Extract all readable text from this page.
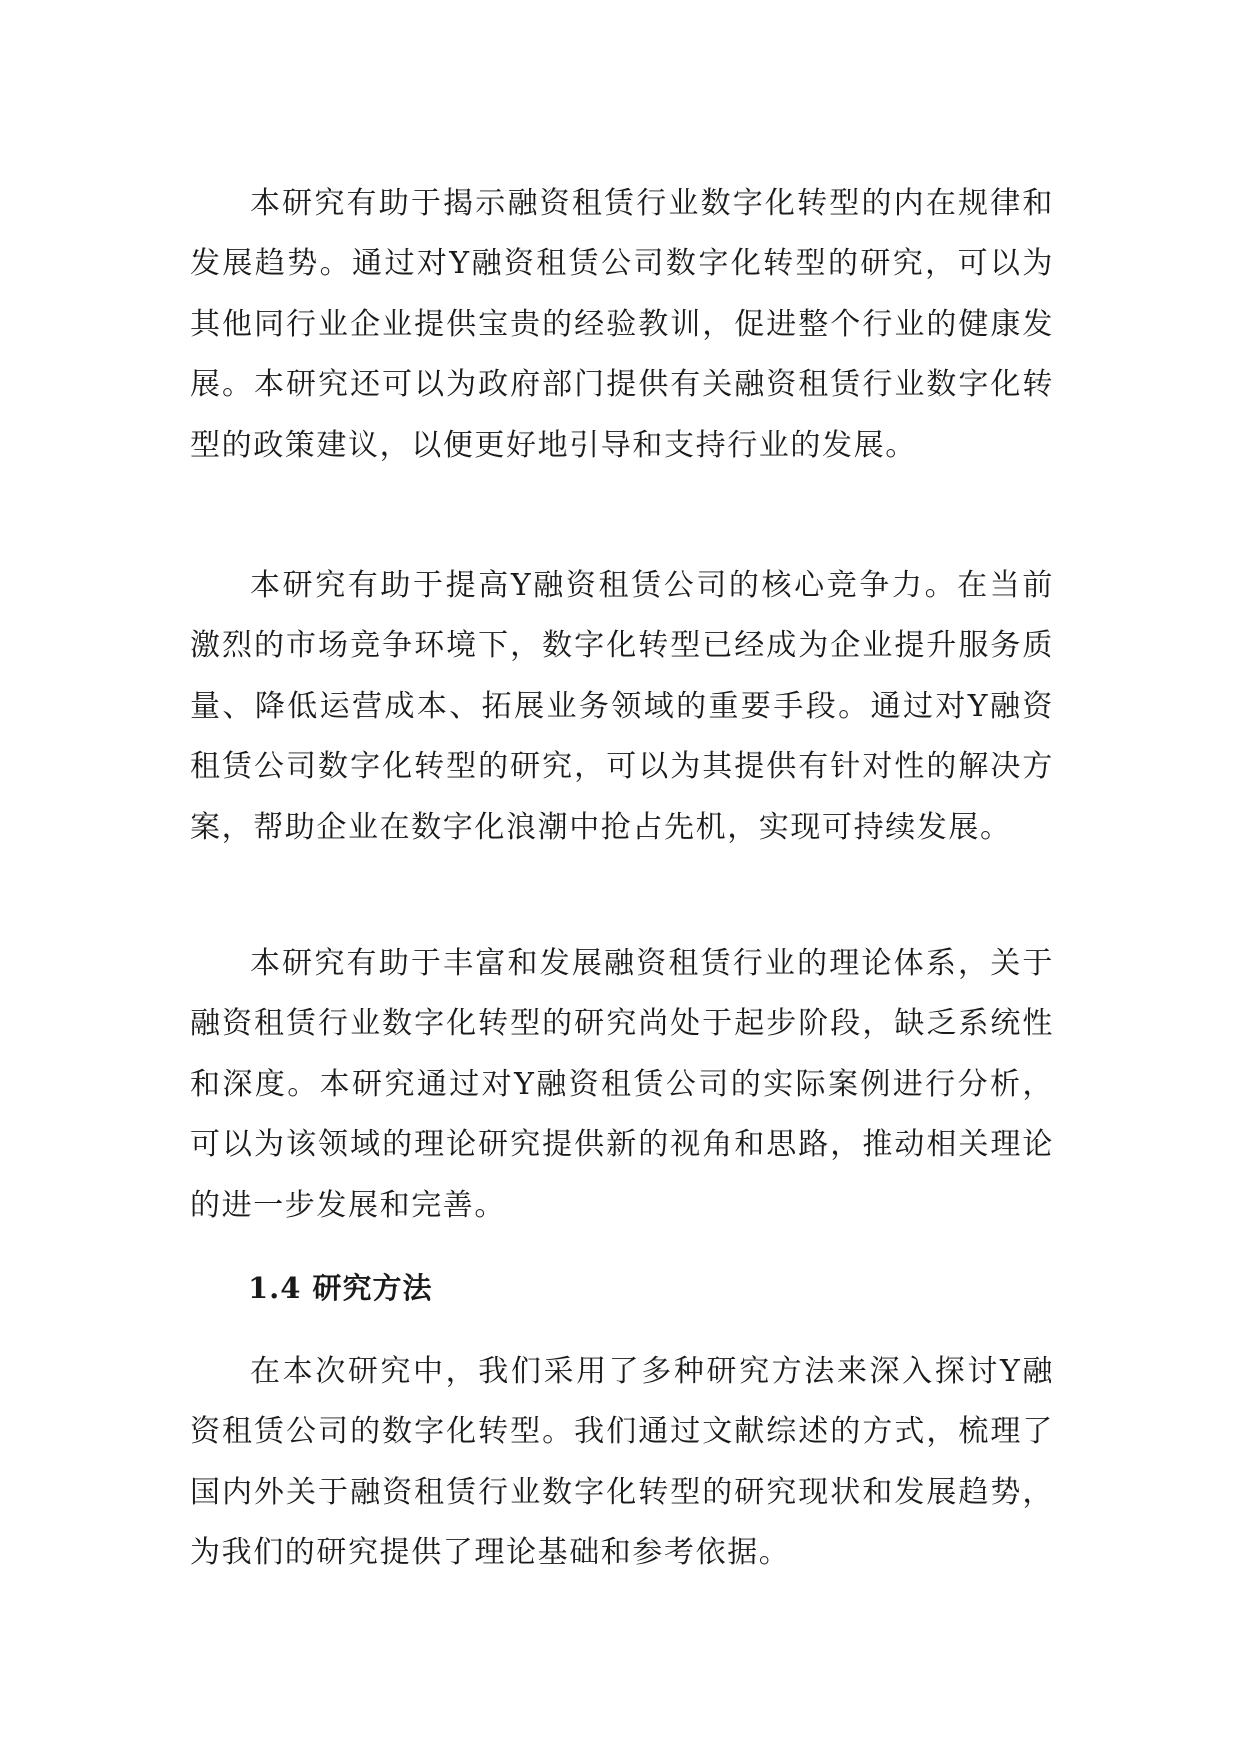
本研究有助于揭示融资租赁行业数字化转型的内在规律和发展趋势。通过对Y融资租赁公司数字化转型的研究，可以为其他同行业企业提供宝贵的经验教训，促进整个行业的健康发展。本研究还可以为政府部门提供有关融资租赁行业数字化转型的政策建议，以便更好地引导和支持行业的发展。

本研究有助于提高Y融资租赁公司的核心竞争力。在当前激烈的市场竞争环境下，数字化转型已经成为企业提升服务质量、降低运营成本、拓展业务领域的重要手段。通过对Y融资租赁公司数字化转型的研究，可以为其提供有针对性的解决方案，帮助企业在数字化浪潮中抢占先机，实现可持续发展。

本研究有助于丰富和发展融资租赁行业的理论体系，关于融资租赁行业数字化转型的研究尚处于起步阶段，缺乏系统性和深度。本研究通过对Y融资租赁公司的实际案例进行分析，可以为该领域的理论研究提供新的视角和思路，推动相关理论的进一步发展和完善。

1.4 研究方法

在本次研究中，我们采用了多种研究方法来深入探讨Y融资租赁公司的数字化转型。我们通过文献综述的方式，梳理了国内外关于融资租赁行业数字化转型的研究现状和发展趋势，为我们的研究提供了理论基础和参考依据。
